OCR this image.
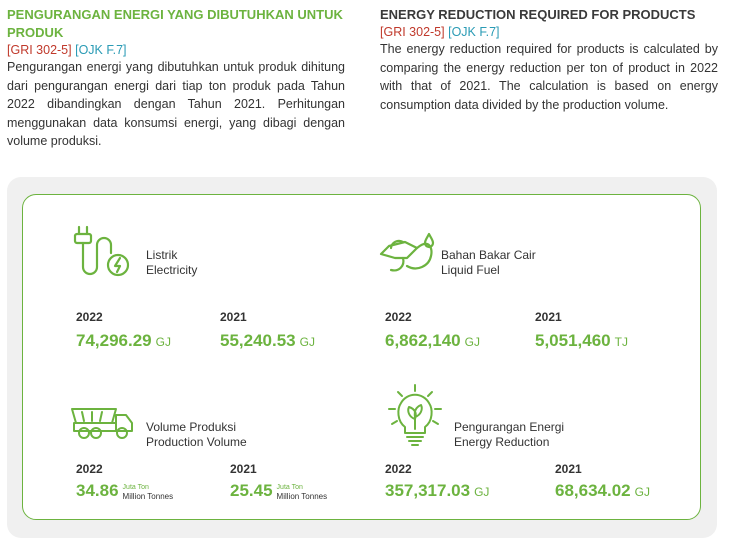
PENGURANGAN ENERGI YANG DIBUTUHKAN UNTUK PRODUK

[GRI 302-5] [OJK F.7]

Pengurangan energi yang dibutuhkan untuk produk dihitung dari pengurangan energi dari tiap ton produk pada Tahun 2022 dibandingkan dengan Tahun 2021. Perhitungan menggunakan data konsumsi energi, yang dibagi dengan volume produksi.

ENERGY REDUCTION REQUIRED FOR PRODUCTS

[GRI 302-5] [OJK F.7]

The energy reduction required for products is calculated by comparing the energy reduction per ton of product in 2022 with that of 2021. The calculation is based on energy consumption data divided by the production volume.

Listrik
Electricity
2022
74,296.29 GJ
2021
55,240.53 GJ
Bahan Bakar Cair
Liquid Fuel
2022
6,862,140 GJ
2021
5,051,460 TJ
Volume Produksi
Production Volume
2022
34.86 Juta Ton
Million Tonnes
2021
25.45 Juta Ton
Million Tonnes
Pengurangan Energi
Energy Reduction
2022
357,317.03 GJ
2021
68,634.02 GJ
